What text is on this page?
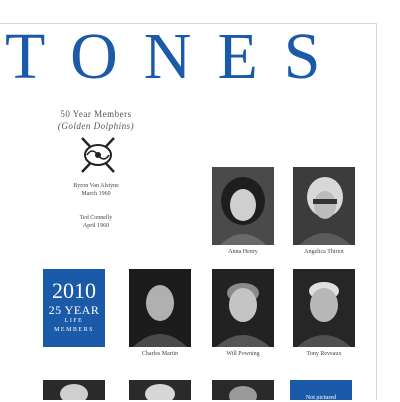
TONES
50 Year Members
(Golden Dolphins)
Byron Van Alstyne
March 1960
Ted Connelly
April 1960
Anna Henry	Angelica Thiriot
2010
25 YEAR
LIFE
MEMBERS
Charles Martin	Will Powning	Tony Reveaux
Not pictured
